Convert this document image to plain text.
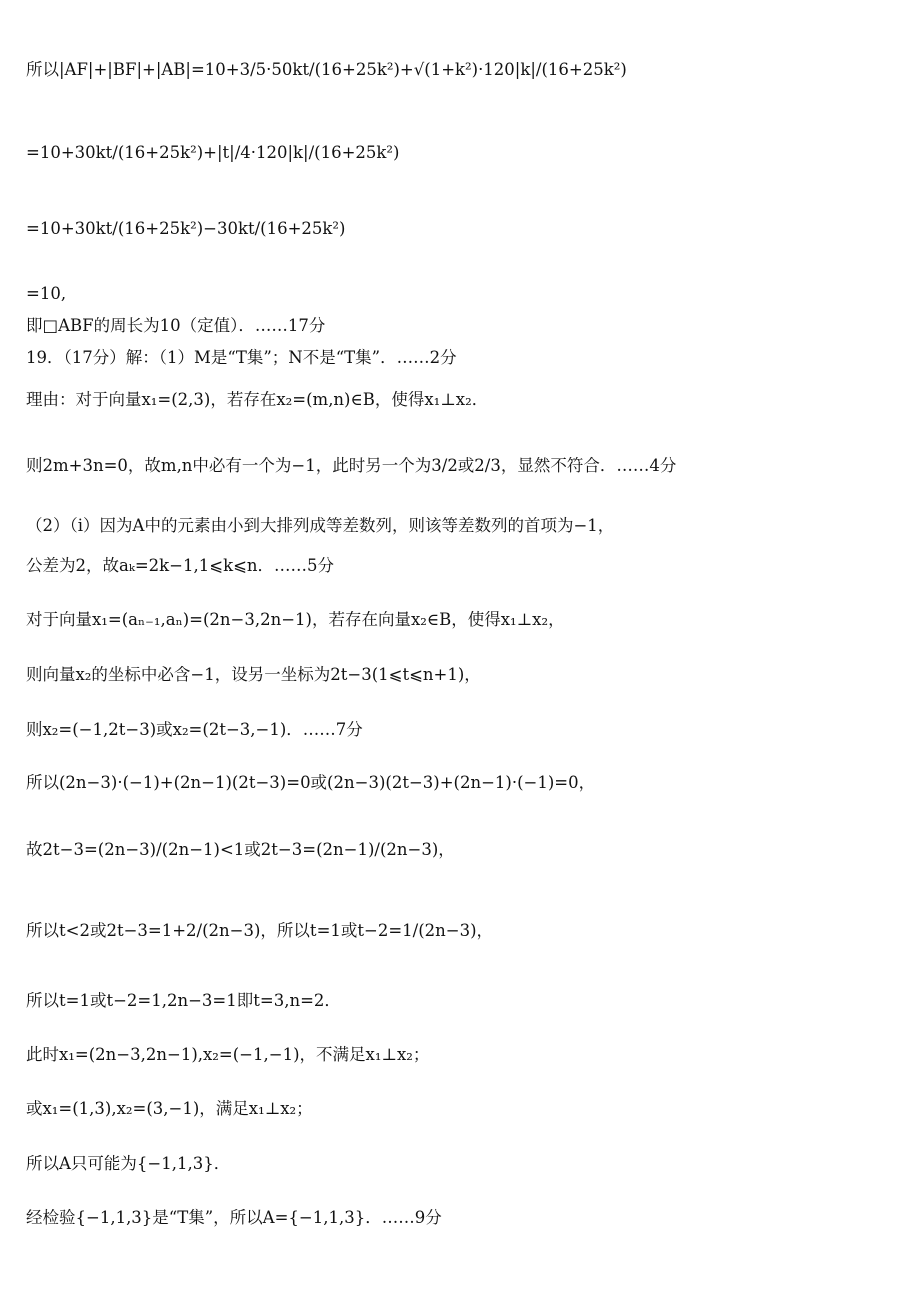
所以|AF|+|BF|+|AB|=10+3/5·50kt/(16+25k²)+√(1+k²)·120|k|/(16+25k²)
=10+30kt/(16+25k²)+|t|/4·120|k|/(16+25k²)
=10+30kt/(16+25k²)−30kt/(16+25k²)
=10,
即□ABF的周长为10（定值）．……17分
19．（17分）解：（1）M是“T集”；N不是“T集”．……2分
理由：对于向量x₁=(2,3)，若存在x₂=(m,n)∈B，使得x₁⊥x₂．
则2m+3n=0，故m,n中必有一个为−1，此时另一个为3/2或2/3，显然不符合．……4分
（2）（i）因为A中的元素由小到大排列成等差数列，则该等差数列的首项为−1，
公差为2，故aₖ=2k−1,1⩽k⩽n．……5分
对于向量x₁=(aₙ₋₁,aₙ)=(2n−3,2n−1)，若存在向量x₂∈B，使得x₁⊥x₂，
则向量x₂的坐标中必含−1，设另一坐标为2t−3(1⩽t⩽n+1)，
则x₂=(−1,2t−3)或x₂=(2t−3,−1)．……7分
所以(2n−3)·(−1)+(2n−1)(2t−3)=0或(2n−3)(2t−3)+(2n−1)·(−1)=0，
故2t−3=(2n−3)/(2n−1)<1或2t−3=(2n−1)/(2n−3)，
所以t<2或2t−3=1+2/(2n−3)，所以t=1或t−2=1/(2n−3)，
所以t=1或t−2=1,2n−3=1即t=3,n=2．
此时x₁=(2n−3,2n−1),x₂=(−1,−1)，不满足x₁⊥x₂；
或x₁=(1,3),x₂=(3,−1)，满足x₁⊥x₂；
所以A只可能为{−1,1,3}．
经检验{−1,1,3}是“T集”，所以A={−1,1,3}．……9分
